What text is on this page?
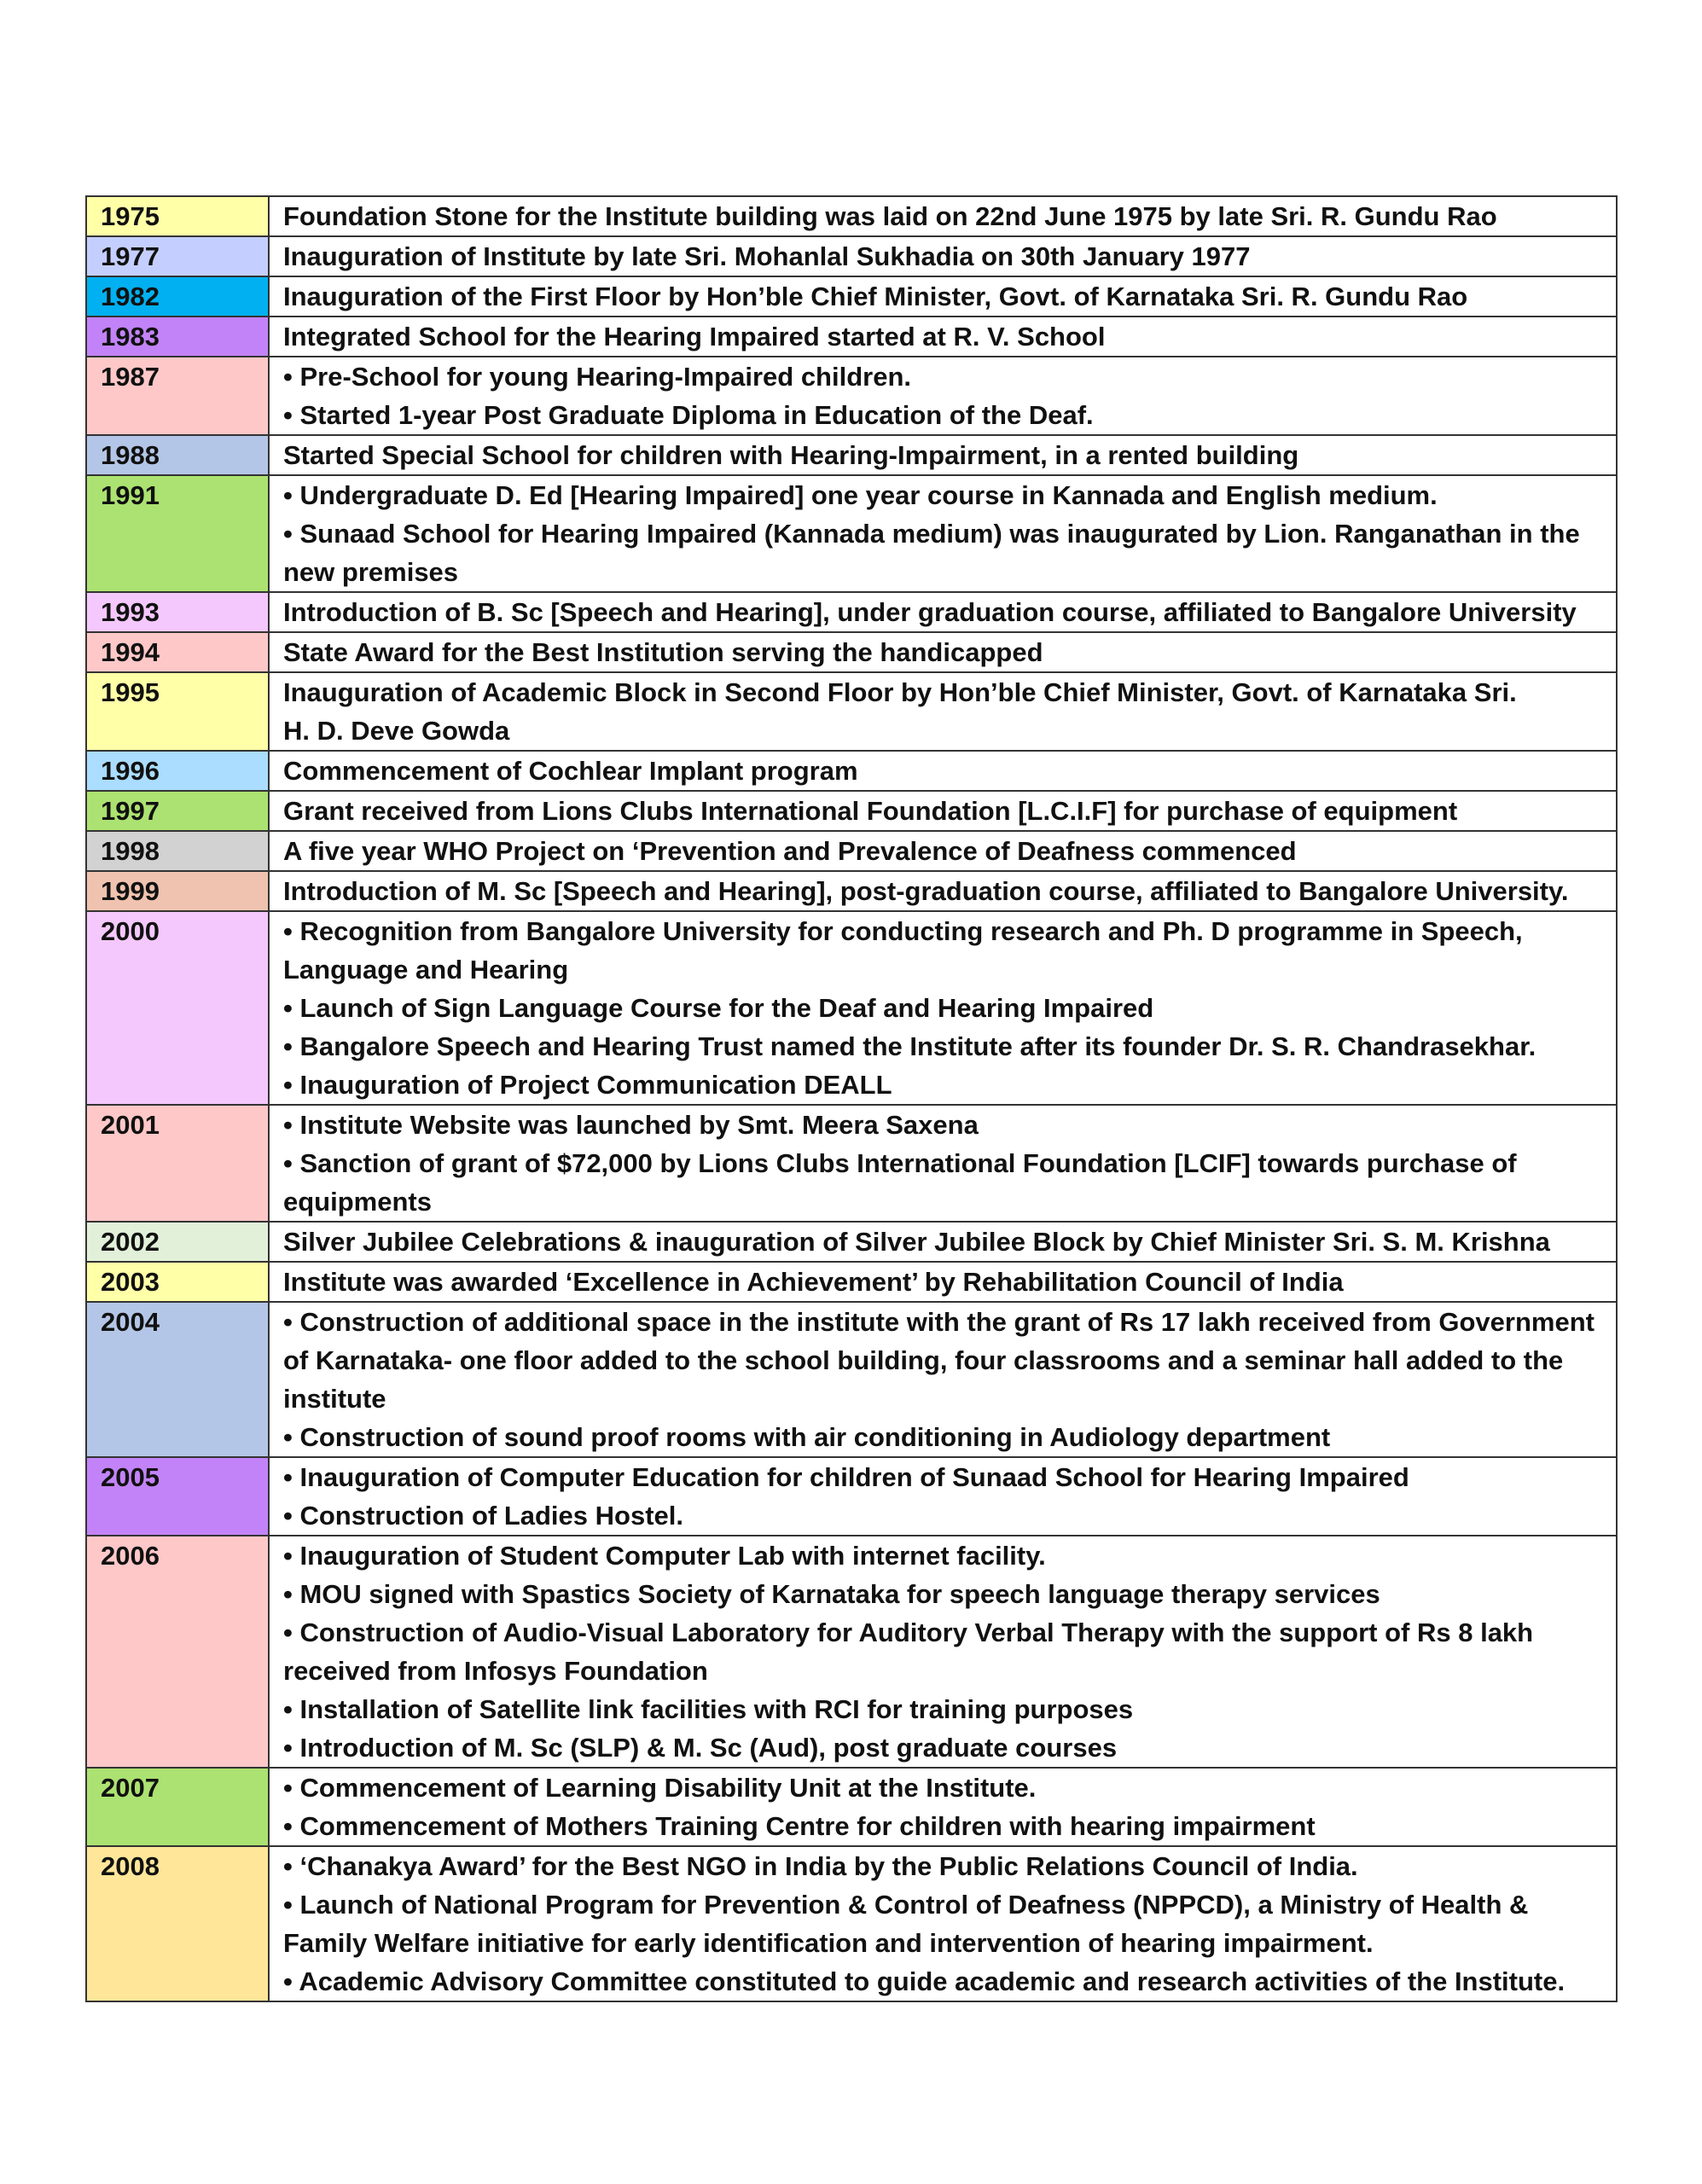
1975	Foundation Stone for the Institute building was laid on 22nd June 1975 by late Sri. R. Gundu Rao

1977	Inauguration of Institute by late Sri. Mohanlal Sukhadia on 30th January 1977
1982	Inauguration of the First Floor by Hon’ble Chief Minister, Govt. of Karnataka Sri. R. Gundu Rao
1983	Integrated School for the Hearing Impaired started at R. V. School
1987	• Pre-School for young Hearing-Impaired children.
• Started 1-year Post Graduate Diploma in Education of the Deaf.

1988	Started Special School for children with Hearing-Impairment, in a rented building
1991	• Undergraduate D. Ed [Hearing Impaired] one year course in Kannada and English medium.
• Sunaad School for Hearing Impaired (Kannada medium) was inaugurated by Lion. Ranganathan in the new premises
1993	Introduction of B. Sc [Speech and Hearing], under graduation course, affiliated to Bangalore University
1994	State Award for the Best Institution serving the handicapped
1995	Inauguration of Academic Block in Second Floor by Hon’ble Chief Minister, Govt. of Karnataka Sri.
H. D. Deve Gowda
1996	Commencement of Cochlear Implant program
1997	Grant received from Lions Clubs International Foundation [L.C.I.F] for purchase of equipment
1998	A five year WHO Project on ‘Prevention and Prevalence of Deafness commenced
1999	Introduction of M. Sc [Speech and Hearing], post-graduation course, affiliated to Bangalore University.

2000	• Recognition from Bangalore University for conducting research and Ph. D programme in Speech, Language and Hearing
• Launch of Sign Language Course for the Deaf and Hearing Impaired
• Bangalore Speech and Hearing Trust named the Institute after its founder Dr. S. R. Chandrasekhar.
• Inauguration of Project Communication DEALL

2001	• Institute Website was launched by Smt. Meera Saxena
• Sanction of grant of $72,000 by Lions Clubs International Foundation [LCIF] towards purchase of equipments
2002	Silver Jubilee Celebrations & inauguration of Silver Jubilee Block by Chief Minister Sri. S. M. Krishna
2003	Institute was awarded ‘Excellence in Achievement’ by Rehabilitation Council of India
2004	• Construction of additional space in the institute with the grant of Rs 17 lakh received from Government of Karnataka- one floor added to the school building, four classrooms and a seminar hall added to the institute
• Construction of sound proof rooms with air conditioning in Audiology department
2005	• Inauguration of Computer Education for children of Sunaad School for Hearing Impaired
• Construction of Ladies Hostel.
2006	• Inauguration of Student Computer Lab with internet facility.
• MOU signed with Spastics Society of Karnataka for speech language therapy services
• Construction of Audio-Visual Laboratory for Auditory Verbal Therapy with the support of Rs 8 lakh received from Infosys Foundation
• Installation of Satellite link facilities with RCI for training purposes
• Introduction of M. Sc (SLP) & M. Sc (Aud), post graduate courses
2007	• Commencement of Learning Disability Unit at the Institute.
• Commencement of Mothers Training Centre for children with hearing impairment
2008	• ‘Chanakya Award’ for the Best NGO in India by the Public Relations Council of India.
• Launch of National Program for Prevention & Control of Deafness (NPPCD), a Ministry of Health & Family Welfare initiative for early identification and intervention of hearing impairment.
• Academic Advisory Committee constituted to guide academic and research activities of the Institute.
